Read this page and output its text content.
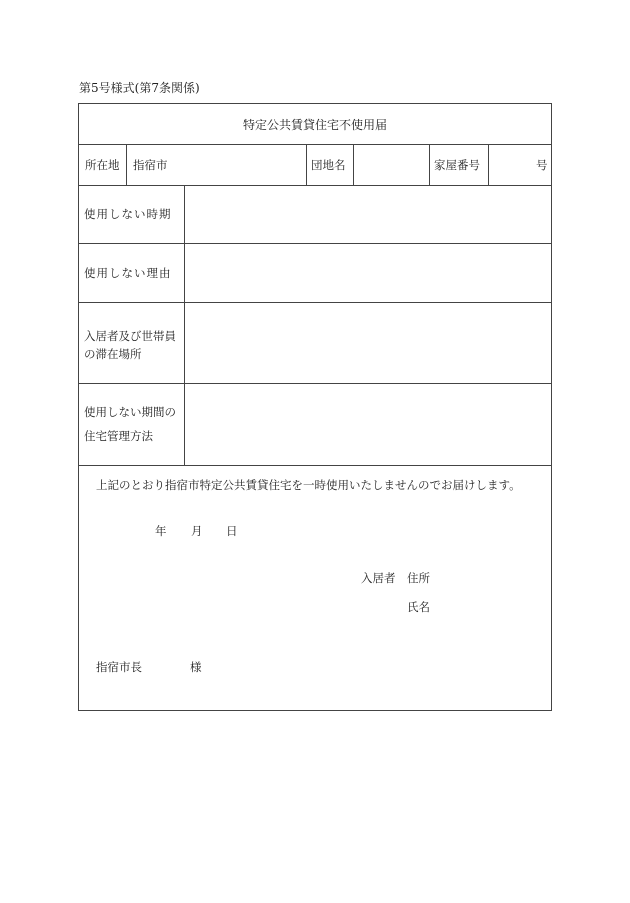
第5号様式(第7条関係)
特定公共賃貸住宅不使用届
所在地 指宿市	団地名	家屋番号	号
使用しない時期
使用しない理由
入居者及び世帯員
の滞在場所
使用しない期間の
住宅管理方法
上記のとおり指宿市特定公共賃貸住宅を一時使用いたしませんのでお届けします。
年 月 日
入居者 住所
氏名
指宿市長	様
